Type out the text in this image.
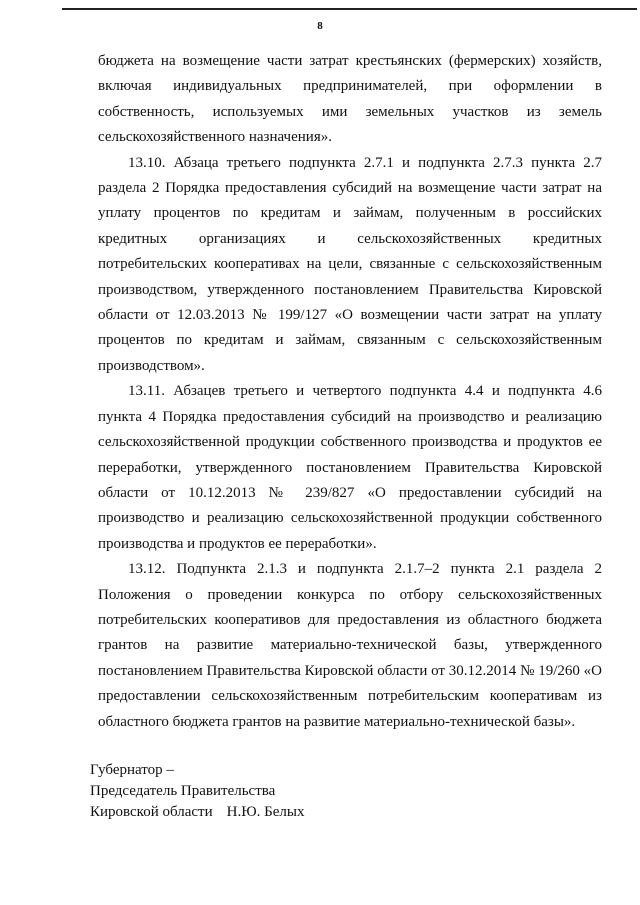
8

бюджета на возмещение части затрат крестьянских (фермерских) хозяйств, включая индивидуальных предпринимателей, при оформлении в собственность, используемых ими земельных участков из земель сельскохозяйственного назначения».

13.10. Абзаца третьего подпункта 2.7.1 и подпункта 2.7.3 пункта 2.7 раздела 2 Порядка предоставления субсидий на возмещение части затрат на уплату процентов по кредитам и займам, полученным в российских кредитных организациях и сельскохозяйственных кредитных потребительских кооперативах на цели, связанные с сельскохозяйственным производством, утвержденного постановлением Правительства Кировской области от 12.03.2013 № 199/127 «О возмещении части затрат на уплату процентов по кредитам и займам, связанным с сельскохозяйственным производством».

13.11. Абзацев третьего и четвертого подпункта 4.4 и подпункта 4.6 пункта 4 Порядка предоставления субсидий на производство и реализацию сельскохозяйственной продукции собственного производства и продуктов ее переработки, утвержденного постановлением Правительства Кировской области от 10.12.2013 № 239/827 «О предоставлении субсидий на производство и реализацию сельскохозяйственной продукции собственного производства и продуктов ее переработки».

13.12. Подпункта 2.1.3 и подпункта 2.1.7–2 пункта 2.1 раздела 2 Положения о проведении конкурса по отбору сельскохозяйственных потребительских кооперативов для предоставления из областного бюджета грантов на развитие материально-технической базы, утвержденного постановлением Правительства Кировской области от 30.12.2014 № 19/260 «О предоставлении сельскохозяйственным потребительским кооперативам из областного бюджета грантов на развитие материально-технической базы».

Губернатор –
Председатель Правительства
Кировской области Н.Ю. Белых
